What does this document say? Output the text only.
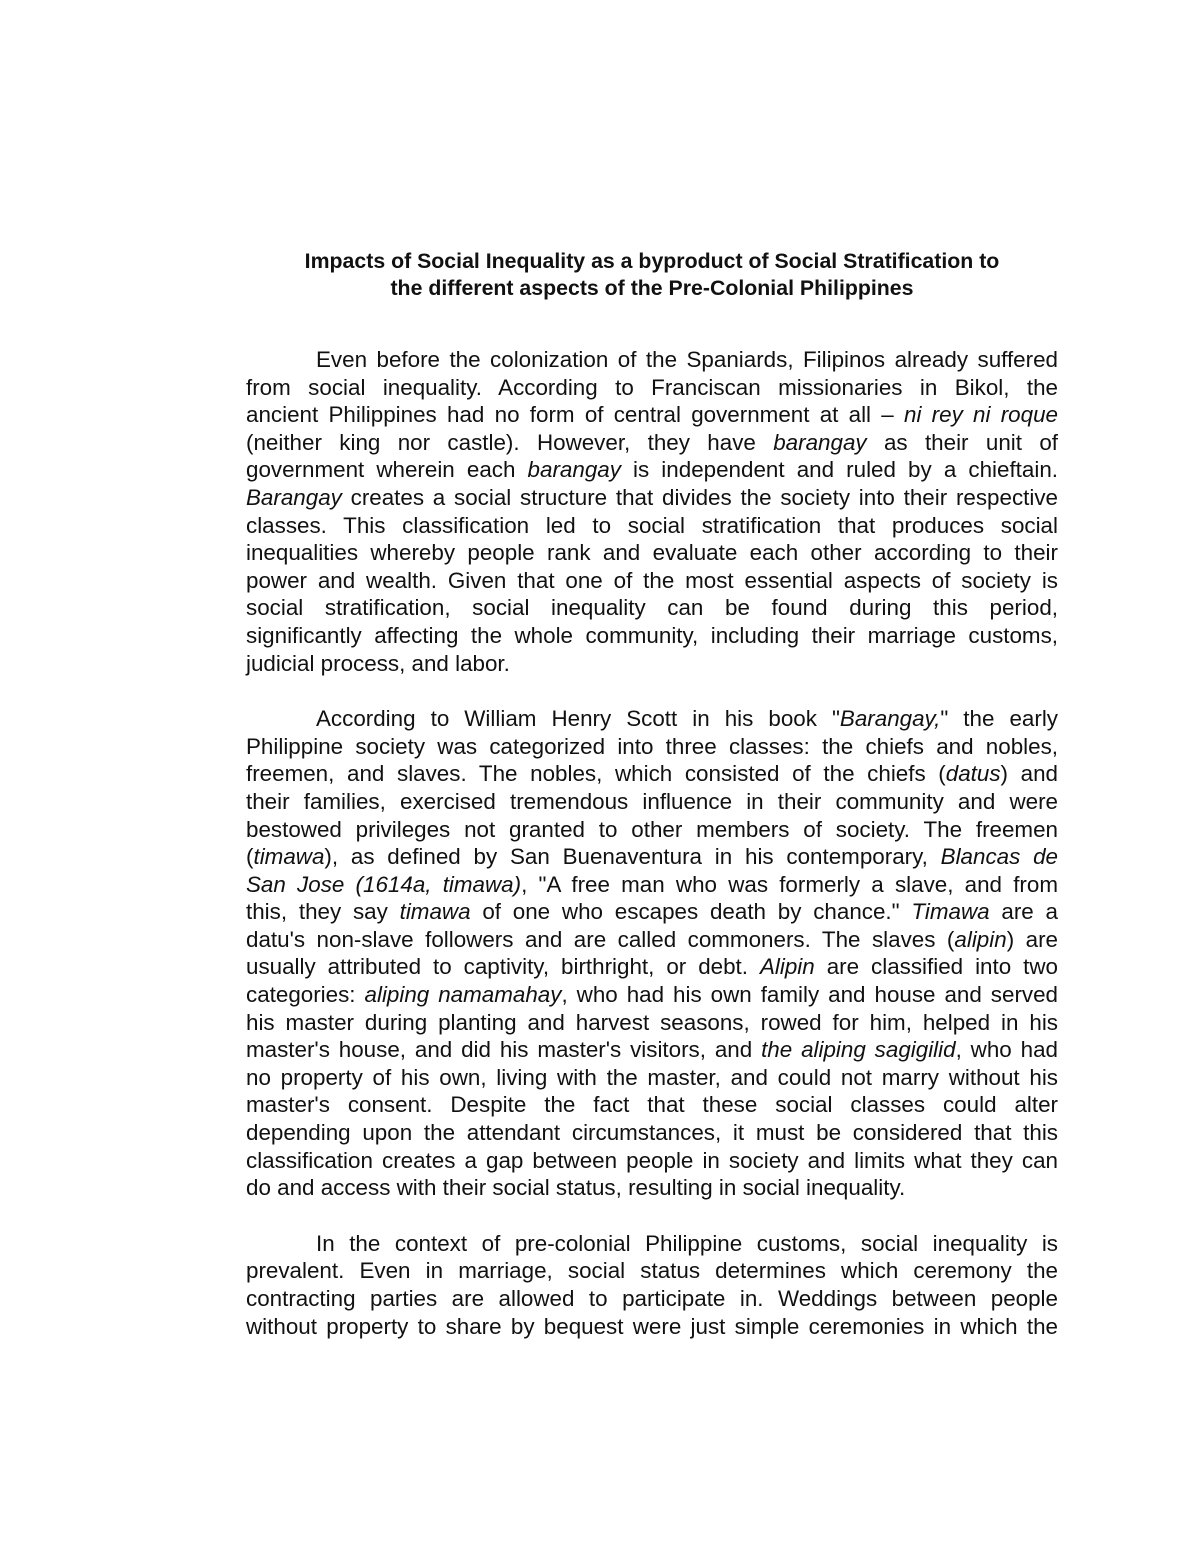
Impacts of Social Inequality as a byproduct of Social Stratification to
the different aspects of the Pre-Colonial Philippines

Even before the colonization of the Spaniards, Filipinos already suffered
from social inequality. According to Franciscan missionaries in Bikol, the
ancient Philippines had no form of central government at all – ni rey ni roque
(neither king nor castle). However, they have barangay as their unit of
government wherein each barangay is independent and ruled by a chieftain.
Barangay creates a social structure that divides the society into their respective
classes. This classification led to social stratification that produces social
inequalities whereby people rank and evaluate each other according to their
power and wealth. Given that one of the most essential aspects of society is
social stratification, social inequality can be found during this period,
significantly affecting the whole community, including their marriage customs,
judicial process, and labor.

According to William Henry Scott in his book "Barangay," the early
Philippine society was categorized into three classes: the chiefs and nobles,
freemen, and slaves. The nobles, which consisted of the chiefs (datus) and
their families, exercised tremendous influence in their community and were
bestowed privileges not granted to other members of society. The freemen
(timawa), as defined by San Buenaventura in his contemporary, Blancas de
San Jose (1614a, timawa), "A free man who was formerly a slave, and from
this, they say timawa of one who escapes death by chance." Timawa are a
datu's non-slave followers and are called commoners. The slaves (alipin) are
usually attributed to captivity, birthright, or debt. Alipin are classified into two
categories: aliping namamahay, who had his own family and house and served
his master during planting and harvest seasons, rowed for him, helped in his
master's house, and did his master's visitors, and the aliping sagigilid, who had
no property of his own, living with the master, and could not marry without his
master's consent. Despite the fact that these social classes could alter
depending upon the attendant circumstances, it must be considered that this
classification creates a gap between people in society and limits what they can
do and access with their social status, resulting in social inequality.

In the context of pre-colonial Philippine customs, social inequality is
prevalent. Even in marriage, social status determines which ceremony the
contracting parties are allowed to participate in. Weddings between people
without property to share by bequest were just simple ceremonies in which the
